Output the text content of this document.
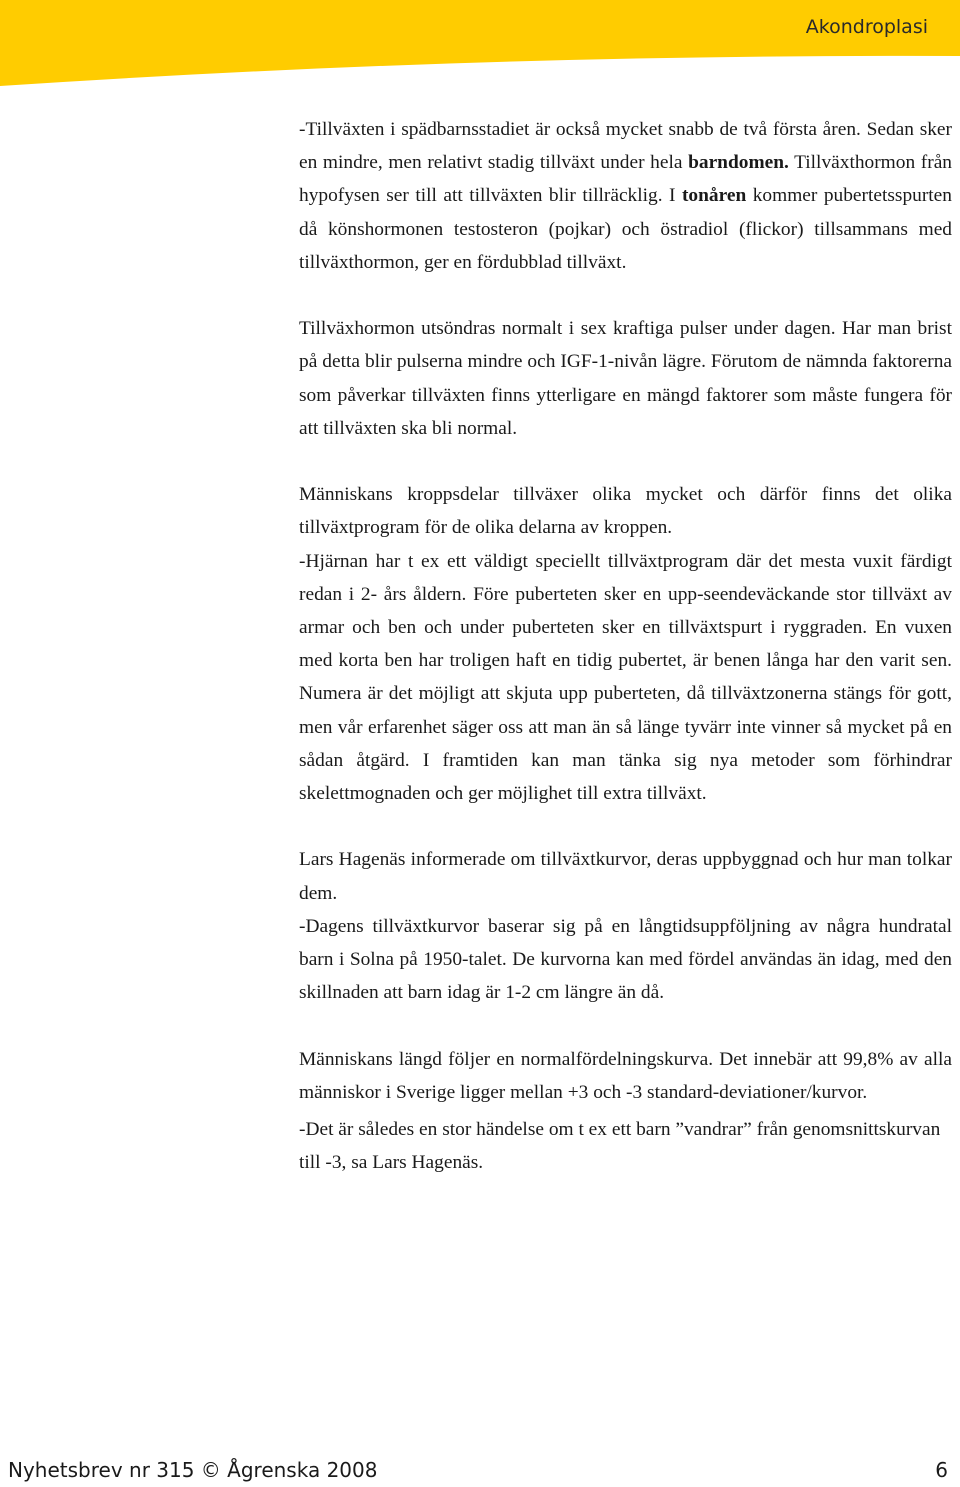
Akondroplasi

-Tillväxten i spädbarnsstadiet är också mycket snabb de två första åren. Sedan sker en mindre, men relativt stadig tillväxt under hela barndomen. Tillväxthormon från hypofysen ser till att tillväxten blir tillräcklig. I tonåren kommer pubertetsspurten då könshormonen testosteron (pojkar) och östradiol (flickor) tillsammans med tillväxthormon, ger en fördubblad tillväxt.

Tillväxhormon utsöndras normalt i sex kraftiga pulser under dagen. Har man brist på detta blir pulserna mindre och IGF-1-nivån lägre. Förutom de nämnda faktorerna som påverkar tillväxten finns ytterligare en mängd faktorer som måste fungera för att tillväxten ska bli normal.

Människans kroppsdelar tillväxer olika mycket och därför finns det olika tillväxtprogram för de olika delarna av kroppen.

-Hjärnan har t ex ett väldigt speciellt tillväxtprogram där det mesta vuxit färdigt redan i 2- års åldern. Före puberteten sker en upp-seendeväckande stor tillväxt av armar och ben och under puberteten sker en tillväxtspurt i ryggraden. En vuxen med korta ben har troligen haft en tidig pubertet, är benen långa har den varit sen. Numera är det möjligt att skjuta upp puberteten, då tillväxtzonerna stängs för gott, men vår erfarenhet säger oss att man än så länge tyvärr inte vinner så mycket på en sådan åtgärd. I framtiden kan man tänka sig nya metoder som förhindrar skelettmognaden och ger möjlighet till extra tillväxt.

Lars Hagenäs informerade om tillväxtkurvor, deras uppbyggnad och hur man tolkar dem.

-Dagens tillväxtkurvor baserar sig på en långtidsuppföljning av några hundratal barn i Solna på 1950-talet. De kurvorna kan med fördel användas än idag, med den skillnaden att barn idag är 1-2 cm längre än då.

Människans längd följer en normalfördelningskurva. Det innebär att 99,8% av alla människor i Sverige ligger mellan +3 och -3 standard-deviationer/kurvor.

-Det är således en stor händelse om t ex ett barn ”vandrar” från genomsnittskurvan till -3, sa Lars Hagenäs.

Nyhetsbrev nr 315 © Ågrenska 2008	6
